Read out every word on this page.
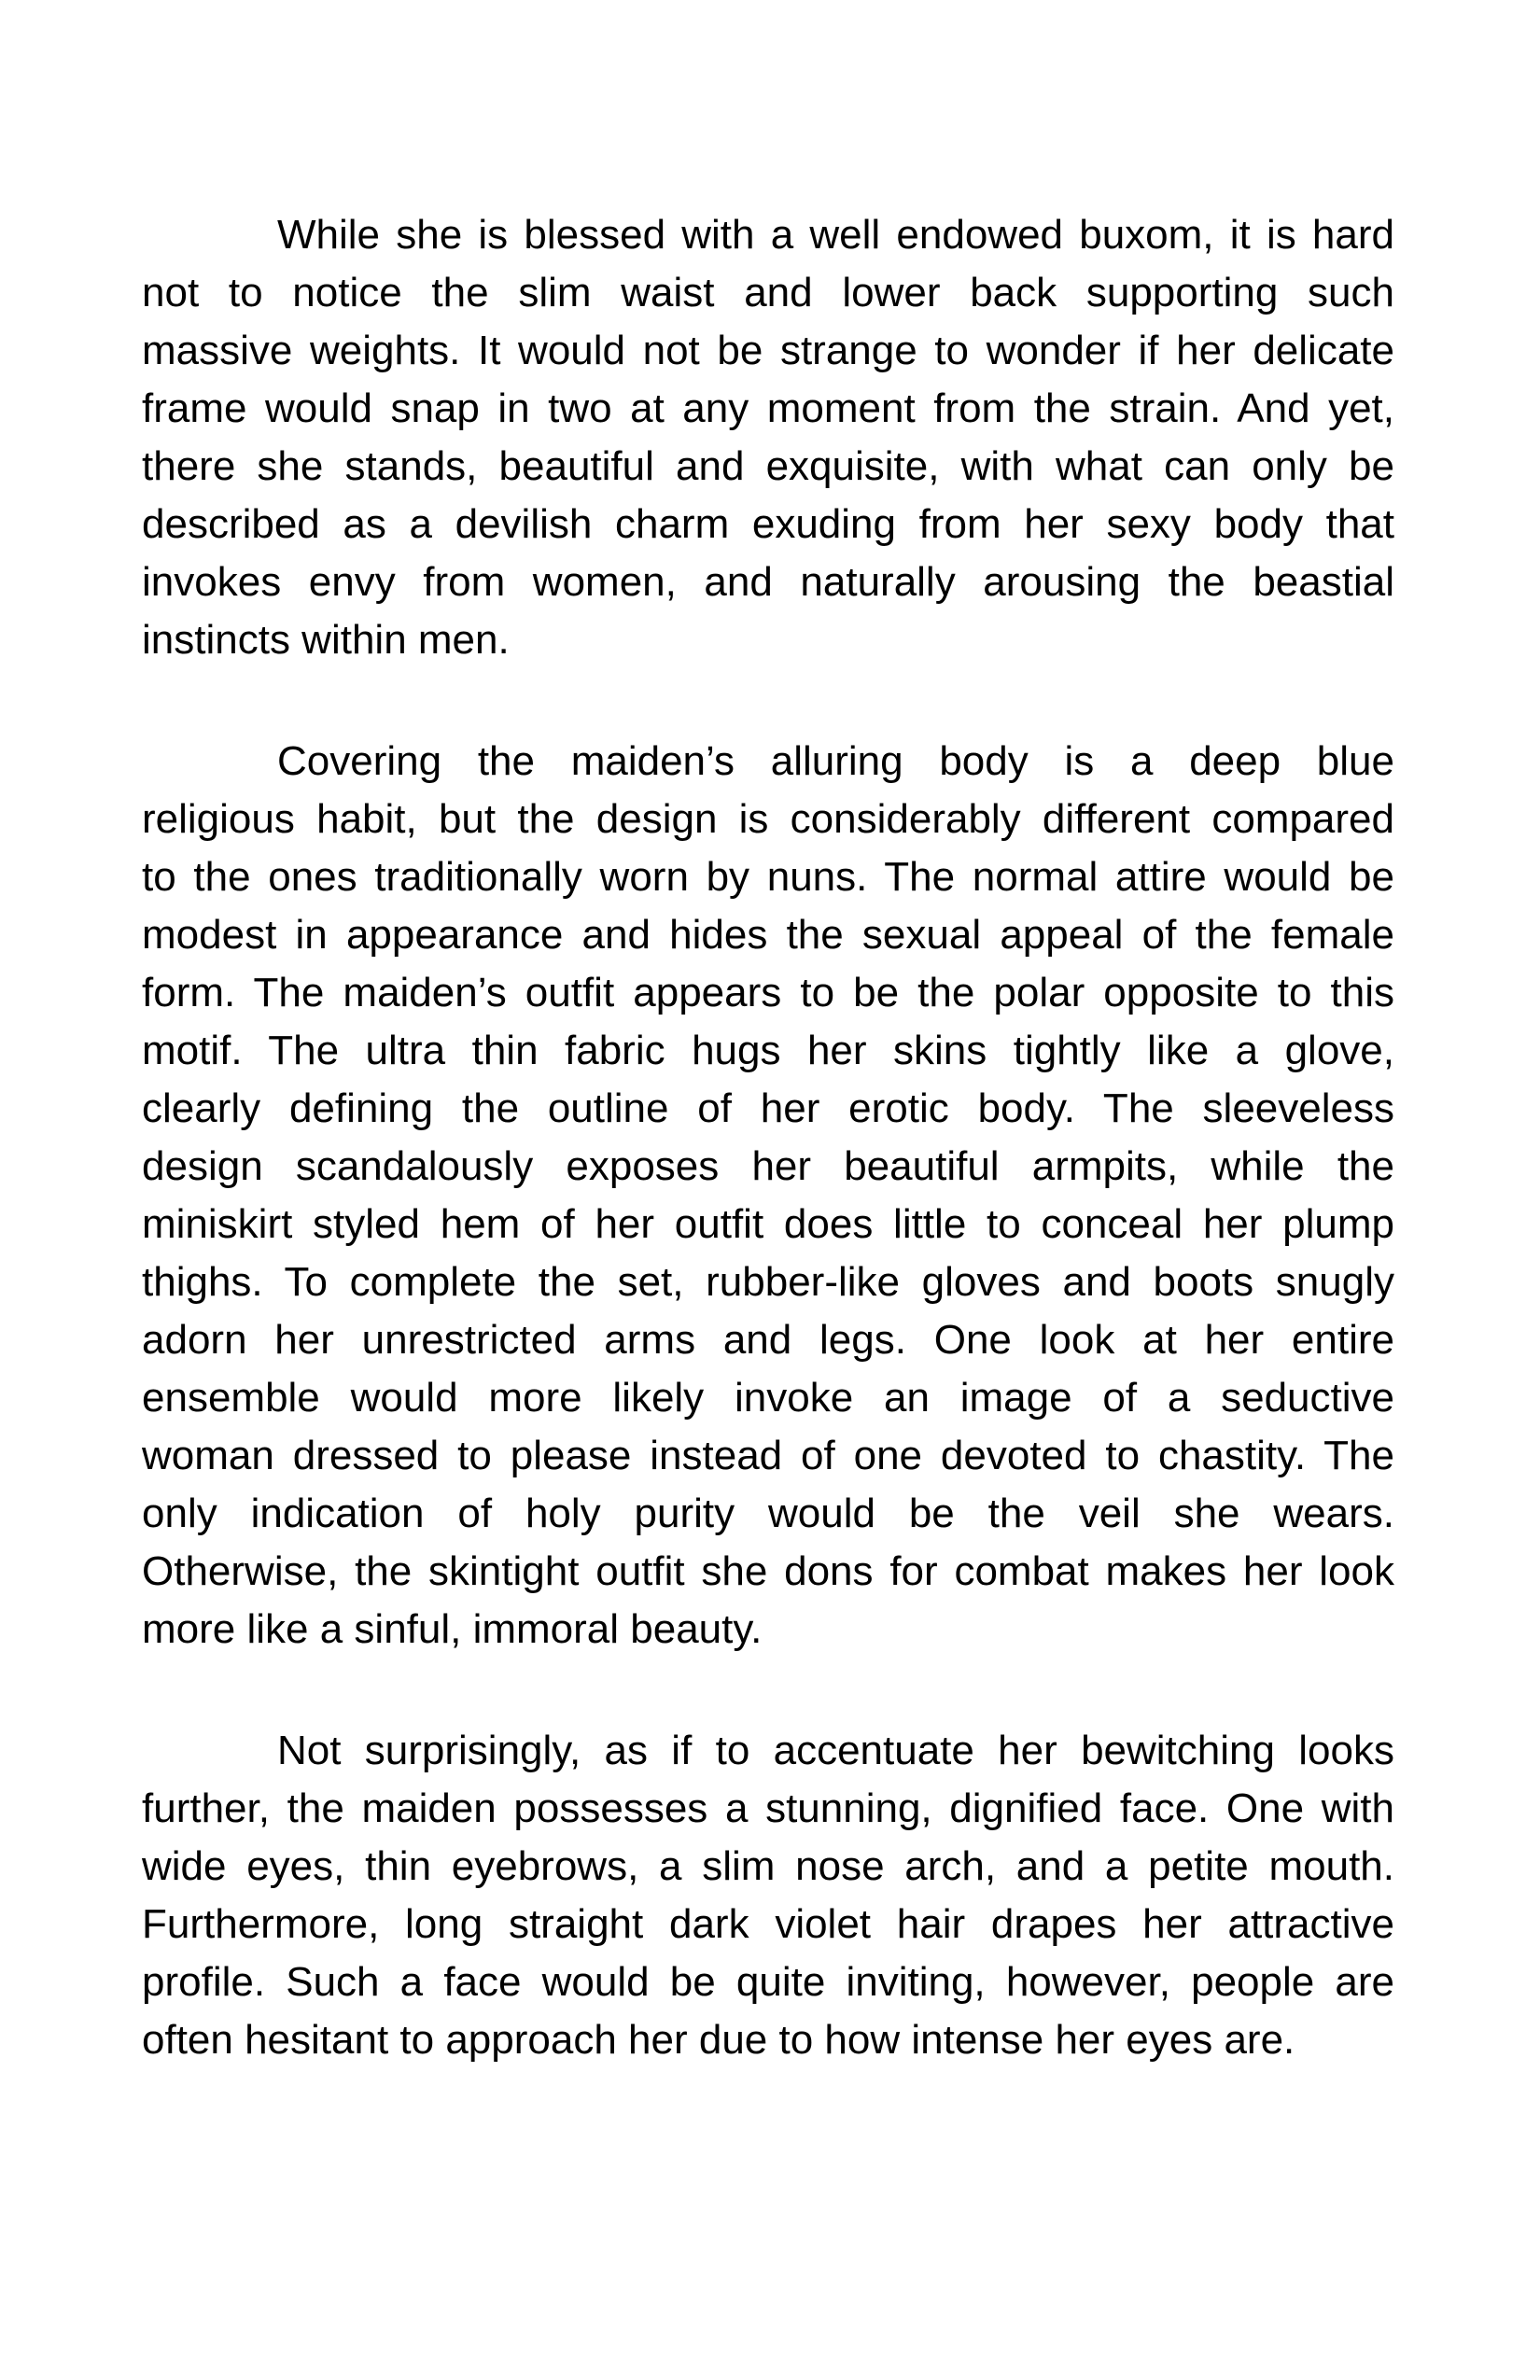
While she is blessed with a well endowed buxom, it is hard
not to notice the slim waist and lower back supporting such
massive weights. It would not be strange to wonder if her delicate
frame would snap in two at any moment from the strain. And yet,
there she stands, beautiful and exquisite, with what can only be
described as a devilish charm exuding from her sexy body that
invokes envy from women, and naturally arousing the beastial
instincts within men.
Covering the maiden’s alluring body is a deep blue
religious habit, but the design is considerably different compared
to the ones traditionally worn by nuns. The normal attire would be
modest in appearance and hides the sexual appeal of the female
form. The maiden’s outfit appears to be the polar opposite to this
motif. The ultra thin fabric hugs her skins tightly like a glove,
clearly defining the outline of her erotic body. The sleeveless
design scandalously exposes her beautiful armpits, while the
miniskirt styled hem of her outfit does little to conceal her plump
thighs. To complete the set, rubber-like gloves and boots snugly
adorn her unrestricted arms and legs. One look at her entire
ensemble would more likely invoke an image of a seductive
woman dressed to please instead of one devoted to chastity. The
only indication of holy purity would be the veil she wears.
Otherwise, the skintight outfit she dons for combat makes her look
more like a sinful, immoral beauty.
Not surprisingly, as if to accentuate her bewitching looks
further, the maiden possesses a stunning, dignified face. One with
wide eyes, thin eyebrows, a slim nose arch, and a petite mouth.
Furthermore, long straight dark violet hair drapes her attractive
profile. Such a face would be quite inviting, however, people are
often hesitant to approach her due to how intense her eyes are.
